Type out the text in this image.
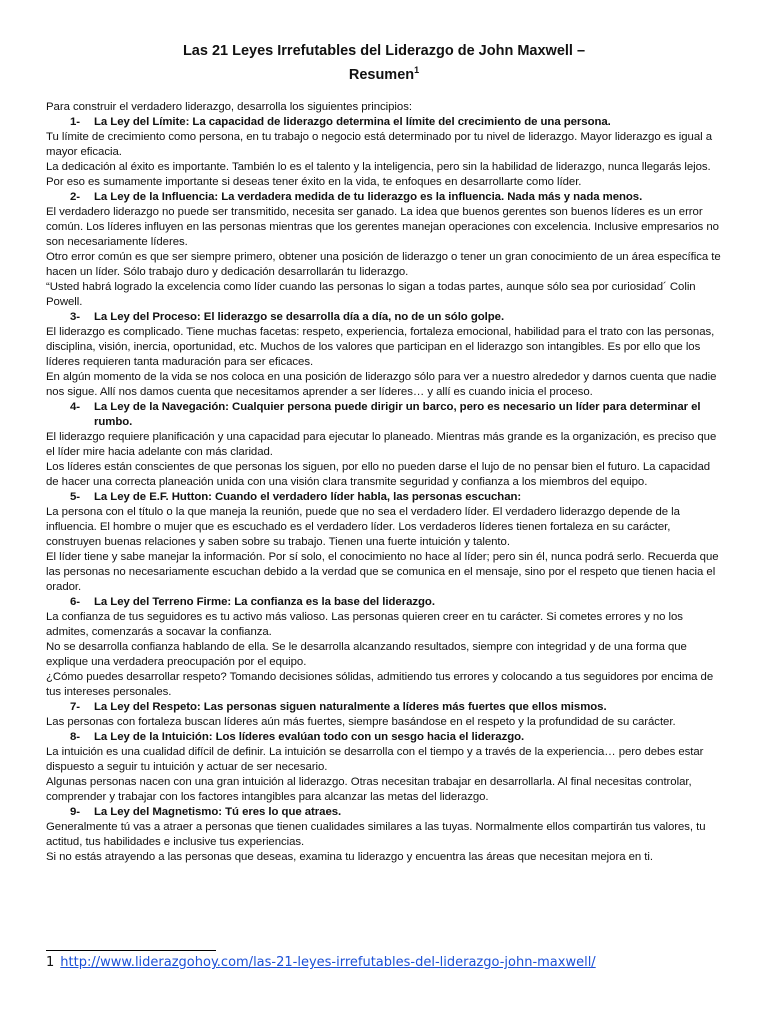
Las 21 Leyes Irrefutables del Liderazgo de John Maxwell –
Resumen$^1$

Para construir el verdadero liderazgo, desarrolla los siguientes principios:

1-	La Ley del Límite: La capacidad de liderazgo determina el límite del crecimiento de una persona.

Tu límite de crecimiento como persona, en tu trabajo o negocio está determinado por tu nivel de liderazgo. Mayor liderazgo es igual a mayor eficacia.

La dedicación al éxito es importante. También lo es el talento y la inteligencia, pero sin la habilidad de liderazgo, nunca llegarás lejos.

Por eso es sumamente importante si deseas tener éxito en la vida, te enfoques en desarrollarte como líder.

2-	La Ley de la Influencia: La verdadera medida de tu liderazgo es la influencia. Nada más y nada menos.

El verdadero liderazgo no puede ser transmitido, necesita ser ganado. La idea que buenos gerentes son buenos líderes es un error común. Los líderes influyen en las personas mientras que los gerentes manejan operaciones con excelencia. Inclusive empresarios no son necesariamente líderes.

Otro error común es que ser siempre primero, obtener una posición de liderazgo o tener un gran conocimiento de un área específica te hacen un líder. Sólo trabajo duro y dedicación desarrollarán tu liderazgo.

“Usted habrá logrado la excelencia como líder cuando las personas lo sigan a todas partes, aunque sólo sea por curiosidad´ Colin Powell.

3-	La Ley del Proceso: El liderazgo se desarrolla día a día, no de un sólo golpe.

El liderazgo es complicado. Tiene muchas facetas: respeto, experiencia, fortaleza emocional, habilidad para el trato con las personas, disciplina, visión, inercia, oportunidad, etc. Muchos de los valores que participan en el liderazgo son intangibles. Es por ello que los líderes requieren tanta maduración para ser eficaces.

En algún momento de la vida se nos coloca en una posición de liderazgo sólo para ver a nuestro alrededor y darnos cuenta que nadie nos sigue. Allí nos damos cuenta que necesitamos aprender a ser líderes… y allí es cuando inicia el proceso.

4-	La Ley de la Navegación: Cualquier persona puede dirigir un barco, pero es necesario un líder para determinar el rumbo.

El liderazgo requiere planificación y una capacidad para ejecutar lo planeado. Mientras más grande es la organización, es preciso que el líder mire hacia adelante con más claridad.

Los líderes están conscientes de que personas los siguen, por ello no pueden darse el lujo de no pensar bien el futuro. La capacidad de hacer una correcta planeación unida con una visión clara transmite seguridad y confianza a los miembros del equipo.

5-	La Ley de E.F. Hutton: Cuando el verdadero líder habla, las personas escuchan:

La persona con el título o la que maneja la reunión, puede que no sea el verdadero líder. El verdadero liderazgo depende de la influencia. El hombre o mujer que es escuchado es el verdadero líder. Los verdaderos líderes tienen fortaleza en su carácter, construyen buenas relaciones y saben sobre su trabajo. Tienen una fuerte intuición y talento.

El líder tiene y sabe manejar la información. Por sí solo, el conocimiento no hace al líder; pero sin él, nunca podrá serlo. Recuerda que las personas no necesariamente escuchan debido a la verdad que se comunica en el mensaje, sino por el respeto que tienen hacia el orador.

6-	La Ley del Terreno Firme: La confianza es la base del liderazgo.

La confianza de tus seguidores es tu activo más valioso. Las personas quieren creer en tu carácter. Si cometes errores y no los admites, comenzarás a socavar la confianza.

No se desarrolla confianza hablando de ella. Se le desarrolla alcanzando resultados, siempre con integridad y de una forma que explique una verdadera preocupación por el equipo.

¿Cómo puedes desarrollar respeto? Tomando decisiones sólidas, admitiendo tus errores y colocando a tus seguidores por encima de tus intereses personales.

7-	La Ley del Respeto: Las personas siguen naturalmente a líderes más fuertes que ellos mismos.

Las personas con fortaleza buscan líderes aún más fuertes, siempre basándose en el respeto y la profundidad de su carácter.

8-	La Ley de la Intuición: Los líderes evalúan todo con un sesgo hacia el liderazgo.

La intuición es una cualidad difícil de definir. La intuición se desarrolla con el tiempo y a través de la experiencia… pero debes estar dispuesto a seguir tu intuición y actuar de ser necesario.

Algunas personas nacen con una gran intuición al liderazgo. Otras necesitan trabajar en desarrollarla. Al final necesitas controlar, comprender y trabajar con los factores intangibles para alcanzar las metas del liderazgo.

9-	La Ley del Magnetismo: Tú eres lo que atraes.

Generalmente tú vas a atraer a personas que tienen cualidades similares a las tuyas. Normalmente ellos compartirán tus valores, tu actitud, tus habilidades e inclusive tus experiencias.

Si no estás atrayendo a las personas que deseas, examina tu liderazgo y encuentra las áreas que necesitan mejora en ti.

1 http://www.liderazgohoy.com/las-21-leyes-irrefutables-del-liderazgo-john-maxwell/
